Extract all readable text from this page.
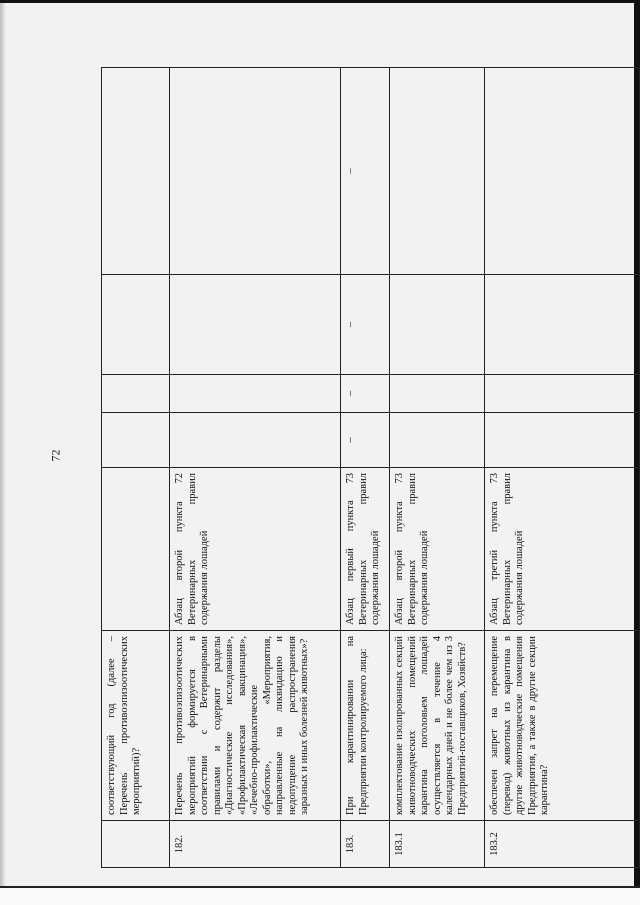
72
	соответствующий год (далее – Перечень противоэпизоотических мероприятий)?					
182.	Перечень противоэпизоотических мероприятий формируется в соответствии с Ветеринарными правилами и содержит разделы «Диагностические исследования», «Профилактическая вакцинация», «Лечебно-профилактические обработки», «Мероприятия, направленные на ликвидацию и недопущение распространения заразных и иных болезней животных»?	Абзац второй пункта 72 Ветеринарных правил содержания лошадей				
183.	При карантинировании на Предприятии контролируемого лица:	Абзац первый пункта 73 Ветеринарных правил содержания лошадей	–	–	–	–
183.1	комплектование изолированных секций животноводческих помещений карантина поголовьем лошадей осуществляется в течение 4 календарных дней и не более чем из 3 Предприятий-поставщиков, Хозяйств?	Абзац второй пункта 73 Ветеринарных правил содержания лошадей				
183.2	обеспечен запрет на перемещение (перевод) животных из карантина в другие животноводческие помещения Предприятия, а также в другие секции карантина?	Абзац третий пункта 73 Ветеринарных правил содержания лошадей				
